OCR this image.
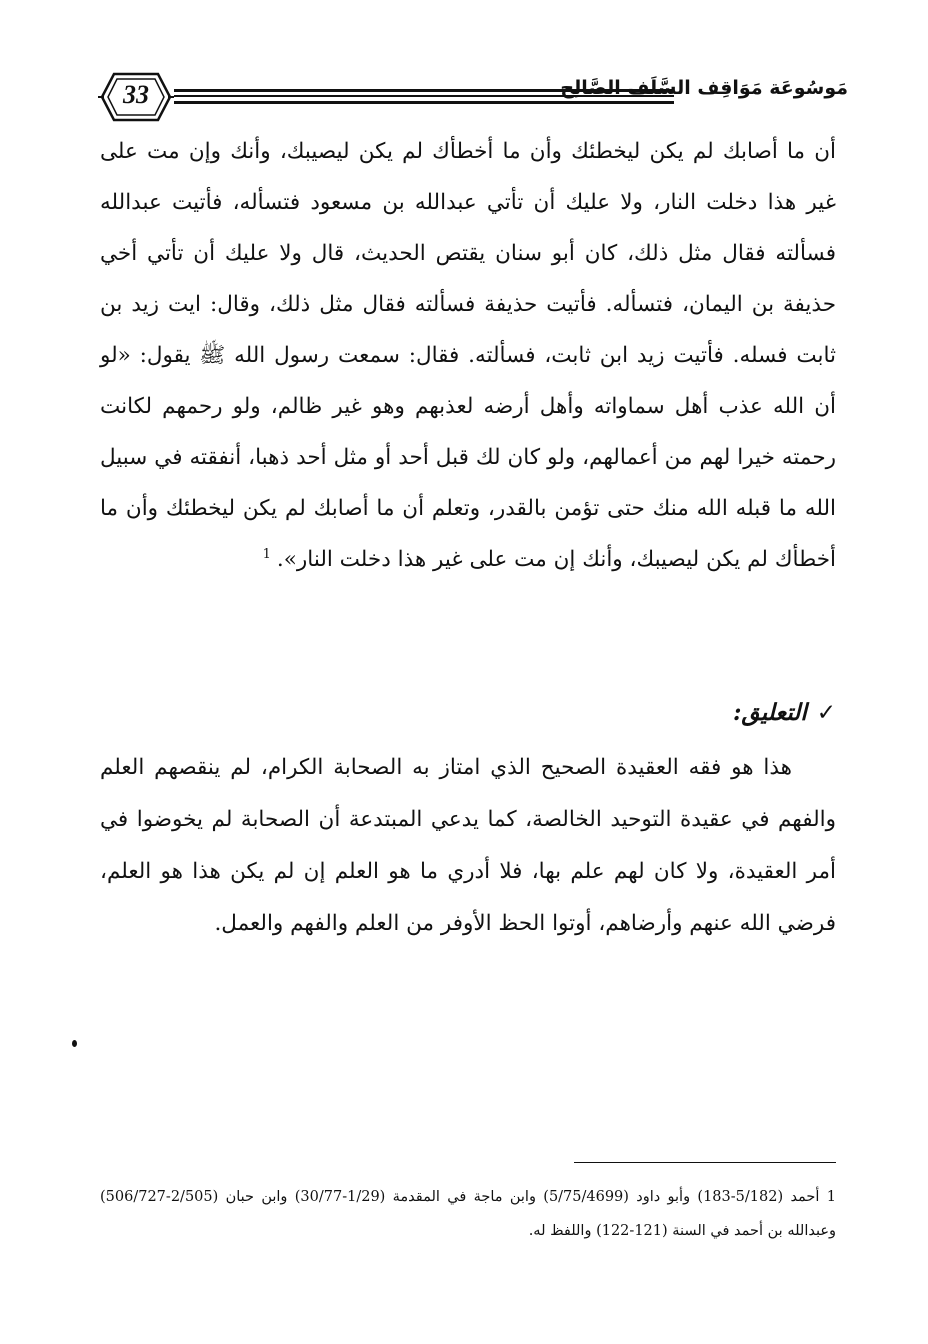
33	مَوسُوعَة مَوَاقِف السَّلَف الصَّالِح

أن ما أصابك لم يكن ليخطئك وأن ما أخطأك لم يكن ليصيبك، وأنك وإن مت على غير هذا دخلت النار، ولا عليك أن تأتي عبدالله بن مسعود فتسأله، فأتيت عبدالله فسألته فقال مثل ذلك، كان أبو سنان يقتص الحديث، قال ولا عليك أن تأتي أخي حذيفة بن اليمان، فتسأله. فأتيت حذيفة فسألته فقال مثل ذلك، وقال: ايت زيد بن ثابت فسله. فأتيت زيد ابن ثابت، فسألته. فقال: سمعت رسول الله ﷺ يقول: «لو أن الله عذب أهل سماواته وأهل أرضه لعذبهم وهو غير ظالم، ولو رحمهم لكانت رحمته خيرا لهم من أعمالهم، ولو كان لك قبل أحد أو مثل أحد ذهبا، أنفقته في سبيل الله ما قبله الله منك حتى تؤمن بالقدر، وتعلم أن ما أصابك لم يكن ليخطئك وأن ما أخطأك لم يكن ليصيبك، وأنك إن مت على غير هذا دخلت النار».$^1$

✓التعليق:

هذا هو فقه العقيدة الصحيح الذي امتاز به الصحابة الكرام، لم ينقصهم العلم والفهم في عقيدة التوحيد الخالصة، كما يدعي المبتدعة أن الصحابة لم يخوضوا في أمر العقيدة، ولا كان لهم علم بها، فلا أدري ما هو العلم إن لم يكن هذا هو العلم، فرضي الله عنهم وأرضاهم، أوتوا الحظ الأوفر من العلم والفهم والعمل.

1 أحمد (5/182-183) وأبو داود (5/75/4699) وابن ماجة في المقدمة (1/29-30/77) وابن حبان (2/505-506/727) وعبدالله بن أحمد في السنة (121-122) واللفظ له.
